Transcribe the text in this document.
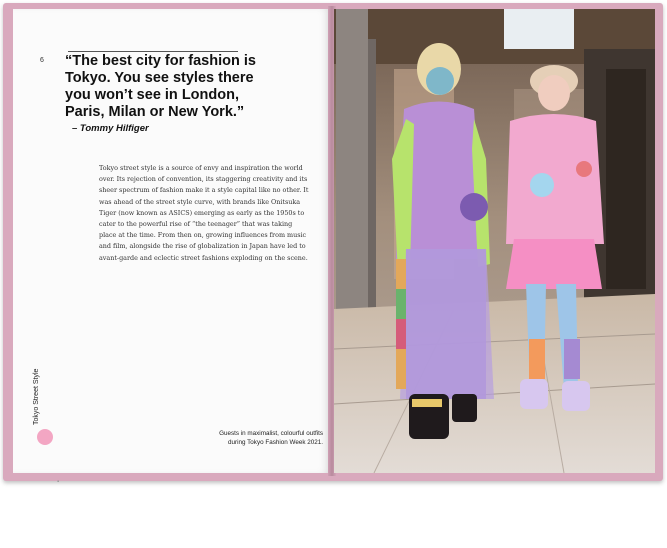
6 “The best city for fashion is Tokyo. You see styles there you won’t see in London, Paris, Milan or New York.”
– Tommy Hilfiger
Tokyo street style is a source of envy and inspiration the world over. Its rejection of convention, its staggering creativity and its sheer spectrum of fashion make it a style capital like no other. It was ahead of the street style curve, with brands like Onitsuka Tiger (now known as ASICS) emerging as early as the 1950s to cater to the powerful rise of “the teenager” that was taking place at the time. From then on, growing influences from music and film, alongside the rise of globalization in Japan have led to avant-garde and eclectic street fashions exploding on the scene.
Tokyo Street Style
Guests in maximalist, colourful outfits
during Tokyo Fashion Week 2021.
▪
